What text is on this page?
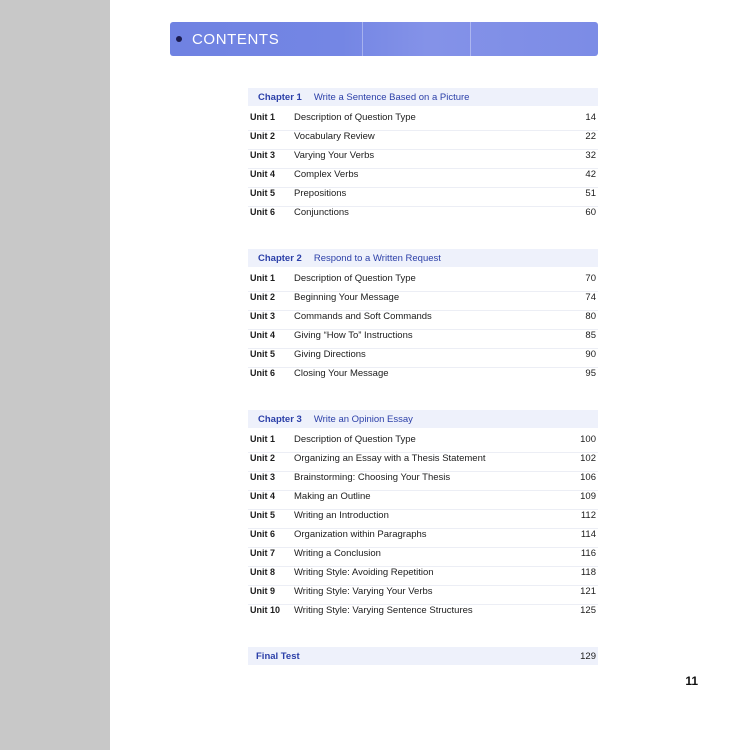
CONTENTS
Chapter 1	Write a Sentence Based on a Picture
Unit 1	Description of Question Type	14
Unit 2	Vocabulary Review	22
Unit 3	Varying Your Verbs	32
Unit 4	Complex Verbs	42
Unit 5	Prepositions	51
Unit 6	Conjunctions	60
Chapter 2	Respond to a Written Request
Unit 1	Description of Question Type	70
Unit 2	Beginning Your Message	74
Unit 3	Commands and Soft Commands	80
Unit 4	Giving “How To” Instructions	85
Unit 5	Giving Directions	90
Unit 6	Closing Your Message	95
Chapter 3	Write an Opinion Essay
Unit 1	Description of Question Type	100
Unit 2	Organizing an Essay with a Thesis Statement	102
Unit 3	Brainstorming: Choosing Your Thesis	106
Unit 4	Making an Outline	109
Unit 5	Writing an Introduction	112
Unit 6	Organization within Paragraphs	114
Unit 7	Writing a Conclusion	116
Unit 8	Writing Style: Avoiding Repetition	118
Unit 9	Writing Style: Varying Your Verbs	121
Unit 10	Writing Style: Varying Sentence Structures	125
Final Test	129
11
